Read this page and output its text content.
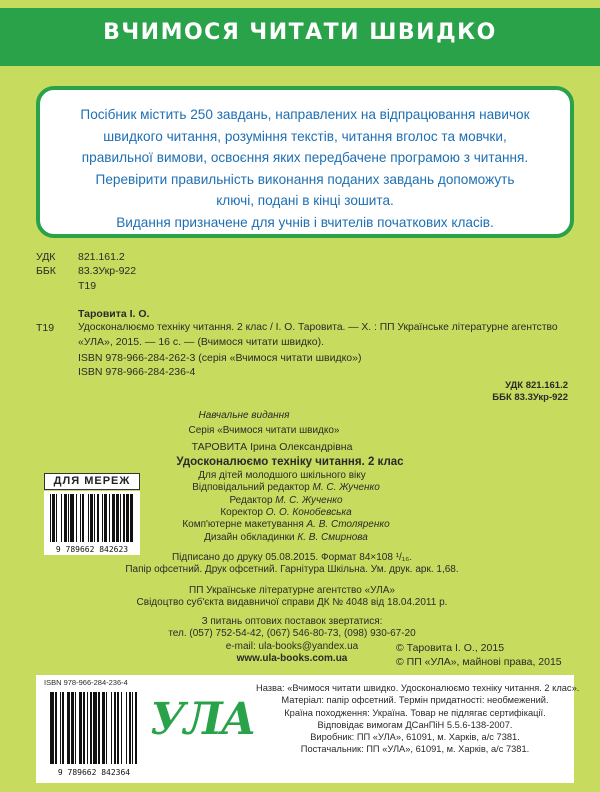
ВЧИМОСЯ ЧИТАТИ ШВИДКО
Посібник містить 250 завдань, направлених на відпрацювання навичок
швидкого читання, розуміння текстів, читання вголос та мовчки,
правильної вимови, освоєння яких передбачене програмою з читання.
Перевірити правильність виконання поданих завдань допоможуть
ключі, подані в кінці зошита.
Видання призначене для учнів і вчителів початкових класів.
УДК 821.161.2
ББК 83.3Укр-922
Т19
Таровита І. О.
Т19 Удосконалюємо техніку читання. 2 клас / І. О. Таровита. — Х. : ПП Українське літературне агентство
«УЛА», 2015. — 16 с. — (Вчимося читати швидко).
ISBN 978-966-284-262-3 (серія «Вчимося читати швидко»)
ISBN 978-966-284-236-4
УДК 821.161.2
ББК 83.3Укр-922
Навчальне видання
Серія «Вчимося читати швидко»
ТАРОВИТА Ірина Олександрівна
Удосконалюємо техніку читання. 2 клас
Для дітей молодшого шкільного віку
Відповідальний редактор М. С. Жученко
Редактор М. С. Жученко
Коректор О. О. Конобевська
Комп'ютерне макетування А. В. Столяренко
Дизайн обкладинки К. В. Смирнова
Підписано до друку 05.08.2015. Формат 84×108 ¹/₁₆.
Папір офсетний. Друк офсетний. Гарнітура Шкільна. Ум. друк. арк. 1,68.
ПП Українське літературне агентство «УЛА»
Свідоцтво суб'єкта видавничої справи ДК № 4048 від 18.04.2011 р.
З питань оптових поставок звертатися:
тел. (057) 752-54-42, (067) 546-80-73, (098) 930-67-20
e-mail: ula-books@yandex.ua
www.ula-books.com.ua
ДЛЯ МЕРЕЖ
9 789662 842623
© Таровита І. О., 2015
© ПП «УЛА», майнові права, 2015
ISBN 978-966-284-236-4
9 789662 842364
УЛА
Назва: «Вчимося читати швидко. Удосконалюємо техніку читання. 2 клас».
Матеріал: папір офсетний. Термін придатності: необмежений.
Країна походження: Україна. Товар не підлягає сертифікації.
Відповідає вимогам ДСанПіН 5.5.6-138-2007.
Виробник: ПП «УЛА», 61091, м. Харків, а/с 7381.
Постачальник: ПП «УЛА», 61091, м. Харків, а/с 7381.
